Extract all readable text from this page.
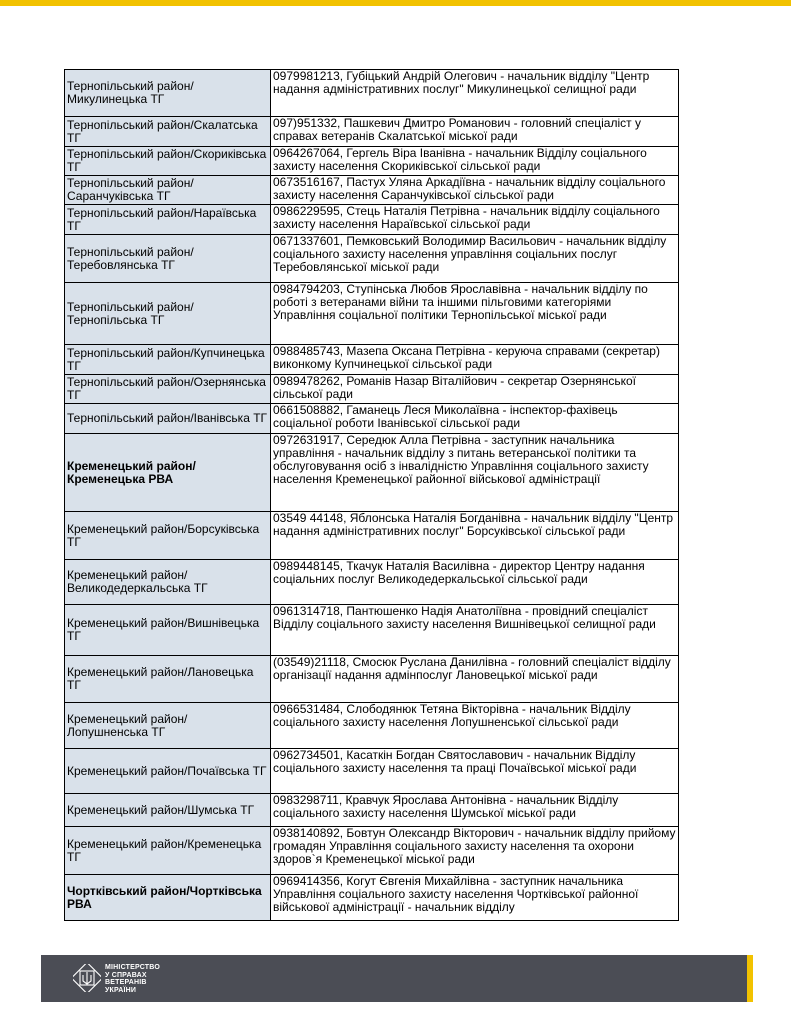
Тернопільський район/Микулинецька ТГ	0979981213, Губіцький Андрій Олегович - начальник відділу "Центр надання адміністративних послуг" Микулинецької селищної ради
Тернопільський район/Скалатська ТГ	097)951332, Пашкевич Дмитро Романович - головний спеціаліст у справах ветеранів Скалатської міської ради
Тернопільський район/Скориківська ТГ	0964267064, Гергель Віра Іванівна - начальник Відділу соціального захисту населення Скориківської сільської ради
Тернопільський район/Саранчуківська ТГ	0673516167, Пастух Уляна Аркадіївна - начальник відділу соціального захисту населення Саранчуківської сільської ради
Тернопільський район/Нараївська ТГ	0986229595, Стець Наталія Петрівна - начальник відділу соціального захисту населення Нараївської сільської ради
Тернопільський район/Теребовлянська ТГ	0671337601, Пемковський Володимир Васильович - начальник відділу соціального захисту населення управління соціальних послуг Теребовлянської міської ради
Тернопільський район/Тернопільська ТГ	0984794203, Ступінська Любов Ярославівна - начальник відділу по роботі з ветеранами війни та іншими пільговими категоріями Управління соціальної політики Тернопільської міської ради
Тернопільський район/Купчинецька ТГ	0988485743, Мазепа Оксана Петрівна - керуюча справами (секретар) виконкому Купчинецької сільської ради
Тернопільський район/Озернянська ТГ	0989478262, Романів Назар Віталійович - секретар Озернянської сільської ради
Тернопільський район/Іванівська ТГ	0661508882, Гаманець Леся Миколаївна - інспектор-фахівець соціальної роботи Іванівської сільської ради
Кременецький район/Кременецька РВА	0972631917, Середюк Алла Петрівна - заступник начальника управління - начальник відділу з питань ветеранської політики та обслуговування осіб з інвалідністю Управління соціального захисту населення Кременецької районної військової адміністрації
Кременецький район/Борсуківська ТГ	03549 44148, Яблонська Наталія Богданівна - начальник відділу "Центр надання адміністративних послуг" Борсуківської сільської ради
Кременецький район/Великодедеркальська ТГ	0989448145, Ткачук Наталія Василівна - директор Центру надання соціальних послуг Великодедеркальської сільської ради
Кременецький район/Вишнівецька ТГ	0961314718, Пантюшенко Надія Анатоліївна - провідний спеціаліст Відділу соціального захисту населення Вишнівецької селищної ради
Кременецький район/Лановецька ТГ	(03549)21118, Смосюк Руслана Данилівна - головний спеціаліст відділу організації надання адмінпослуг Лановецької міської ради
Кременецький район/Лопушненська ТГ	0966531484, Слободянюк Тетяна Вікторівна - начальник Відділу соціального захисту населення Лопушненської сільської ради
Кременецький район/Почаївська ТГ	0962734501, Касаткін Богдан Святославович - начальник Відділу соціального захисту населення та праці Почаївської міської ради
Кременецький район/Шумська ТГ	0983298711, Кравчук Ярослава Антонівна - начальник Відділу соціального захисту населення Шумської міської ради
Кременецький район/Кременецька ТГ	0938140892, Бовтун Олександр Вікторович - начальник відділу прийому громадян Управління соціального захисту населення та охорони здоров`я Кременецької міської ради
Чортківський район/Чортківська РВА	0969414356, Когут Євгенія Михайлівна - заступник начальника Управління соціального захисту населення Чортківської районної військової адміністрації - начальник відділу
МІНІСТЕРСТВО
У СПРАВАХ
ВЕТЕРАНІВ
УКРАЇНИ
